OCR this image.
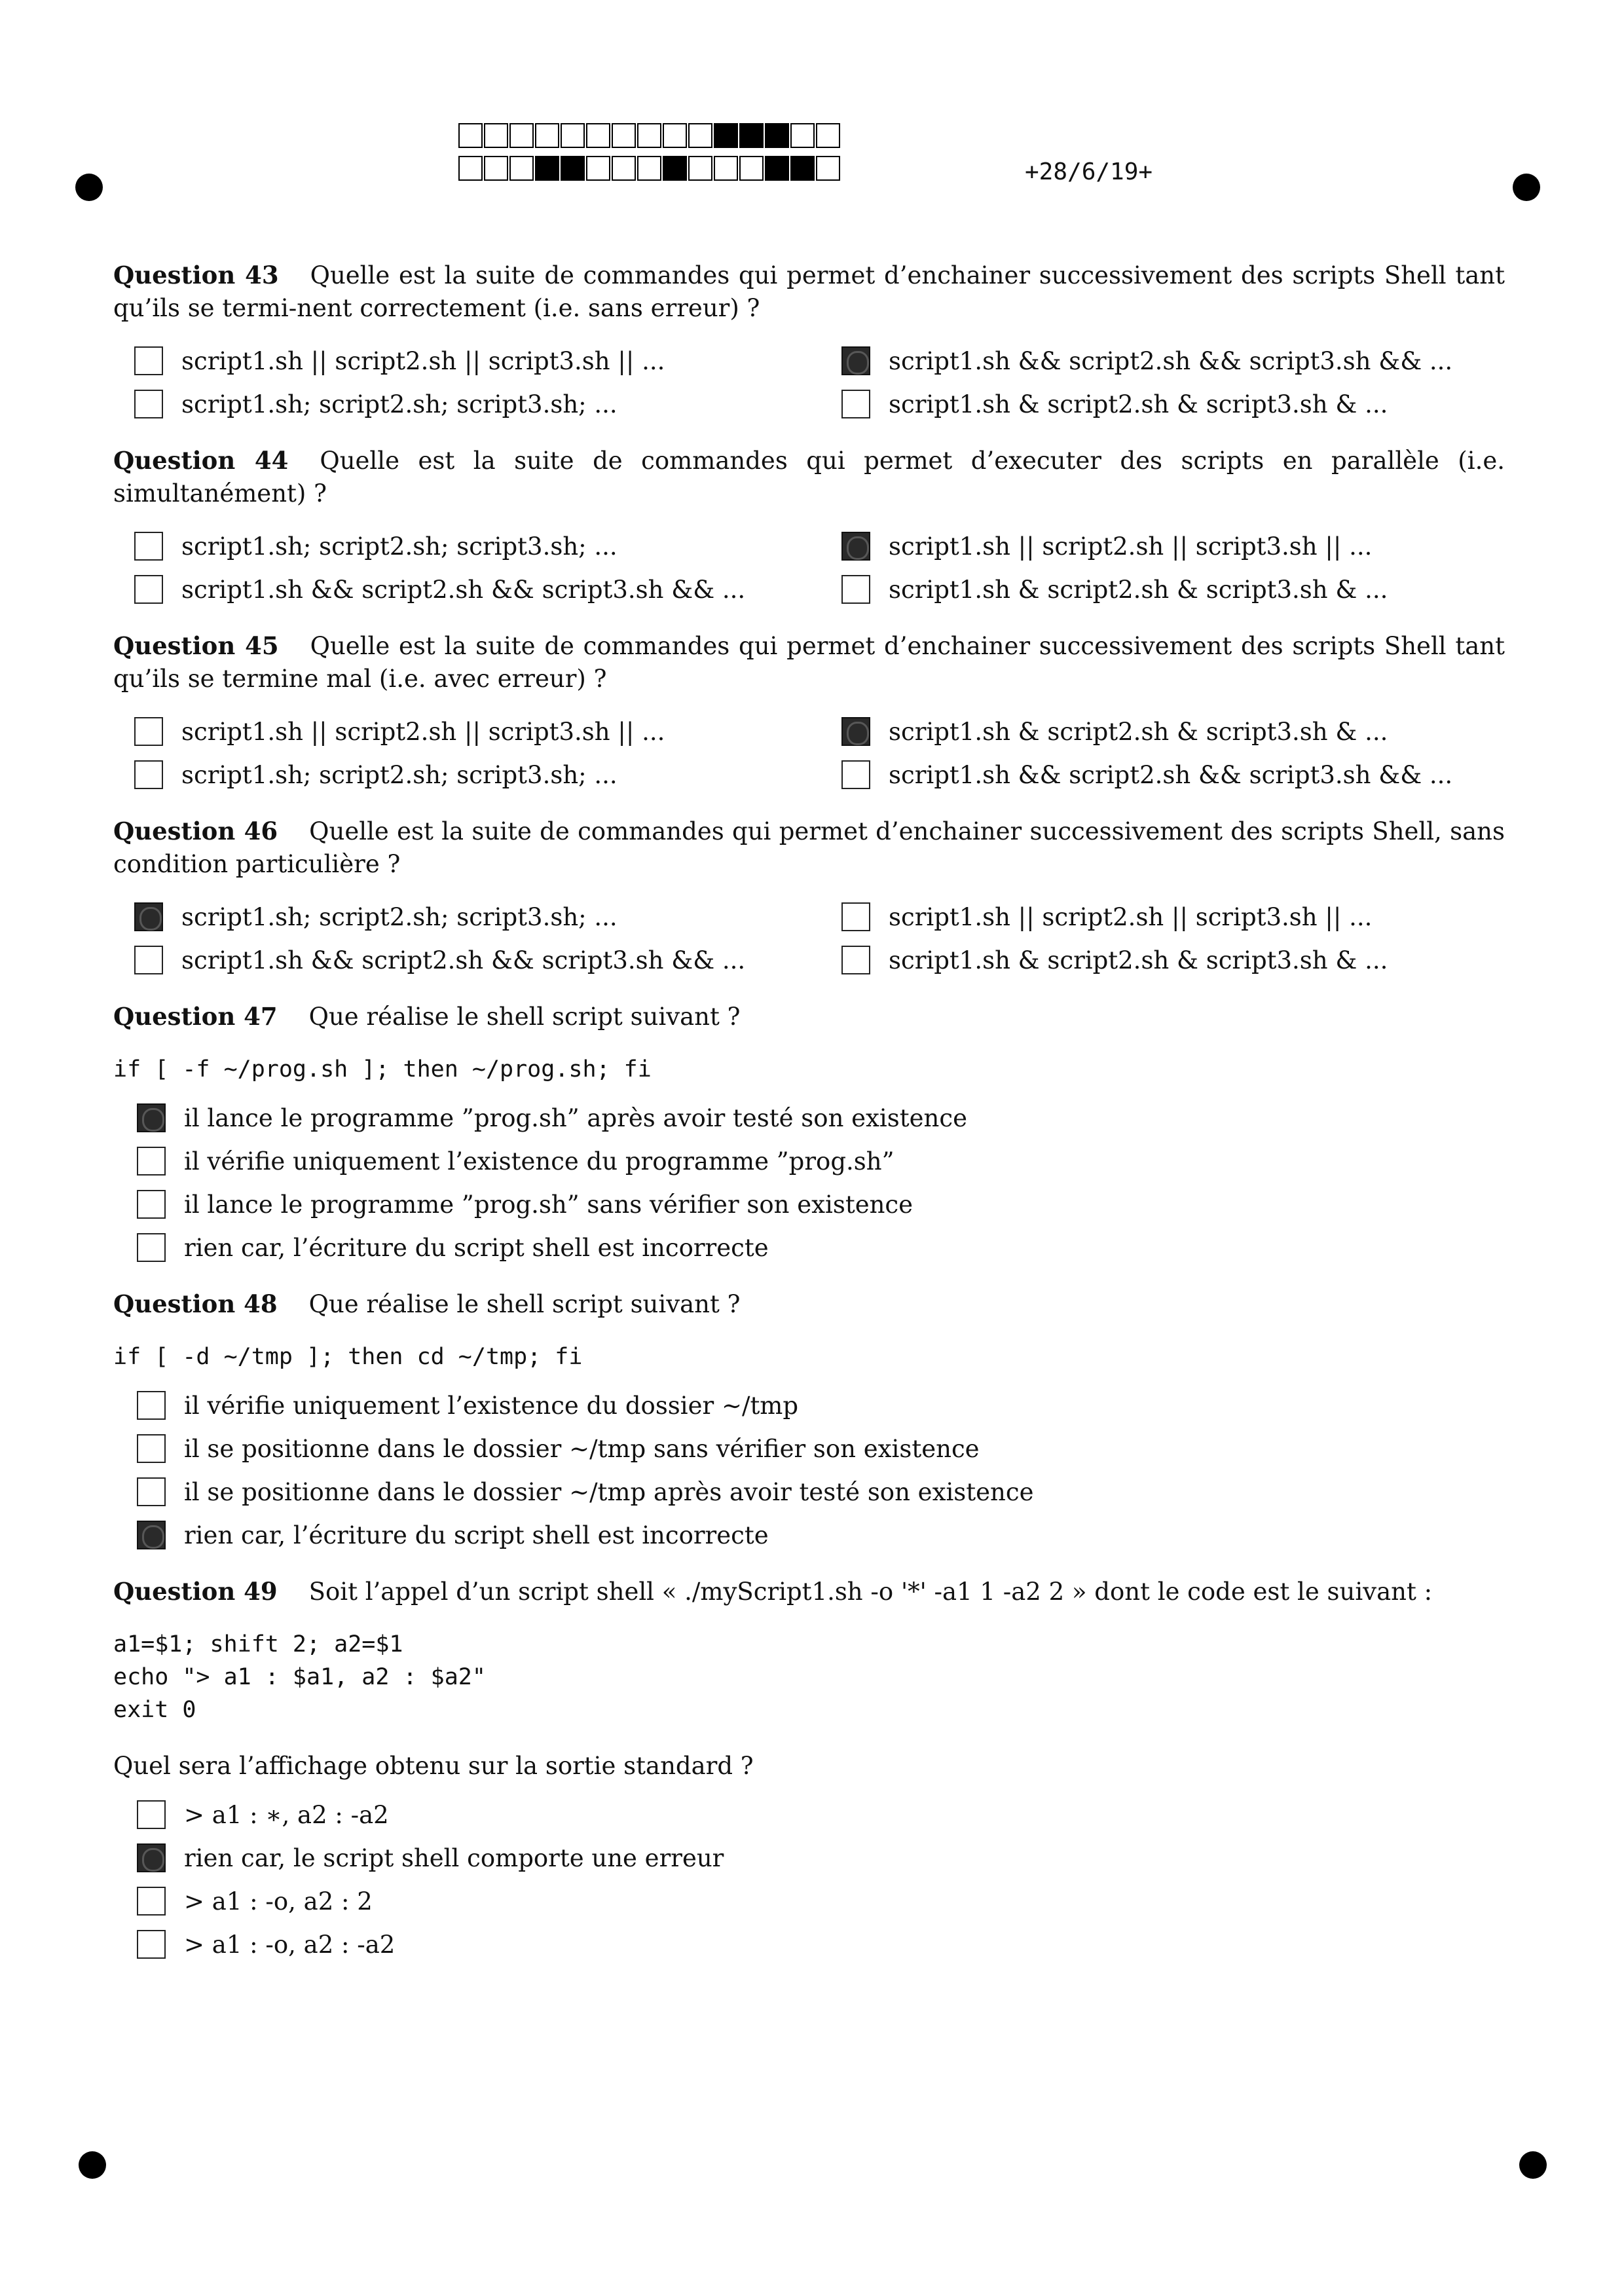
+28/6/19+
Question 43 Quelle est la suite de commandes qui permet d’enchainer successivement des scripts Shell tant qu’ils se termi-nent correctement (i.e. sans erreur) ?
script1.sh || script2.sh || script3.sh || ...	script1.sh && script2.sh && script3.sh && ...
script1.sh; script2.sh; script3.sh; ...	script1.sh & script2.sh & script3.sh & ...
Question 44 Quelle est la suite de commandes qui permet d’executer des scripts en parallèle (i.e. simultanément) ?
script1.sh; script2.sh; script3.sh; ...	script1.sh || script2.sh || script3.sh || ...
script1.sh && script2.sh && script3.sh && ...	script1.sh & script2.sh & script3.sh & ...
Question 45 Quelle est la suite de commandes qui permet d’enchainer successivement des scripts Shell tant qu’ils se termine mal (i.e. avec erreur) ?
script1.sh || script2.sh || script3.sh || ...	script1.sh & script2.sh & script3.sh & ...
script1.sh; script2.sh; script3.sh; ...	script1.sh && script2.sh && script3.sh && ...
Question 46 Quelle est la suite de commandes qui permet d’enchainer successivement des scripts Shell, sans condition particulière ?
script1.sh; script2.sh; script3.sh; ...	script1.sh || script2.sh || script3.sh || ...
script1.sh && script2.sh && script3.sh && ...	script1.sh & script2.sh & script3.sh & ...
Question 47 Que réalise le shell script suivant ?
if [ -f ~/prog.sh ]; then ~/prog.sh; fi
il lance le programme ”prog.sh” après avoir testé son existence
il vérifie uniquement l’existence du programme ”prog.sh”
il lance le programme ”prog.sh” sans vérifier son existence
rien car, l’écriture du script shell est incorrecte
Question 48 Que réalise le shell script suivant ?
if [ -d ~/tmp ]; then cd ~/tmp; fi
il vérifie uniquement l’existence du dossier ∼/tmp
il se positionne dans le dossier ∼/tmp sans vérifier son existence
il se positionne dans le dossier ∼/tmp après avoir testé son existence
rien car, l’écriture du script shell est incorrecte
Question 49 Soit l’appel d’un script shell « ./myScript1.sh -o '*' -a1 1 -a2 2 » dont le code est le suivant :
a1=$1; shift 2; a2=$1
echo "> a1 : $a1, a2 : $a2"
exit 0
Quel sera l’affichage obtenu sur la sortie standard ?
> a1 : ∗, a2 : -a2
rien car, le script shell comporte une erreur
> a1 : -o, a2 : 2
> a1 : -o, a2 : -a2
